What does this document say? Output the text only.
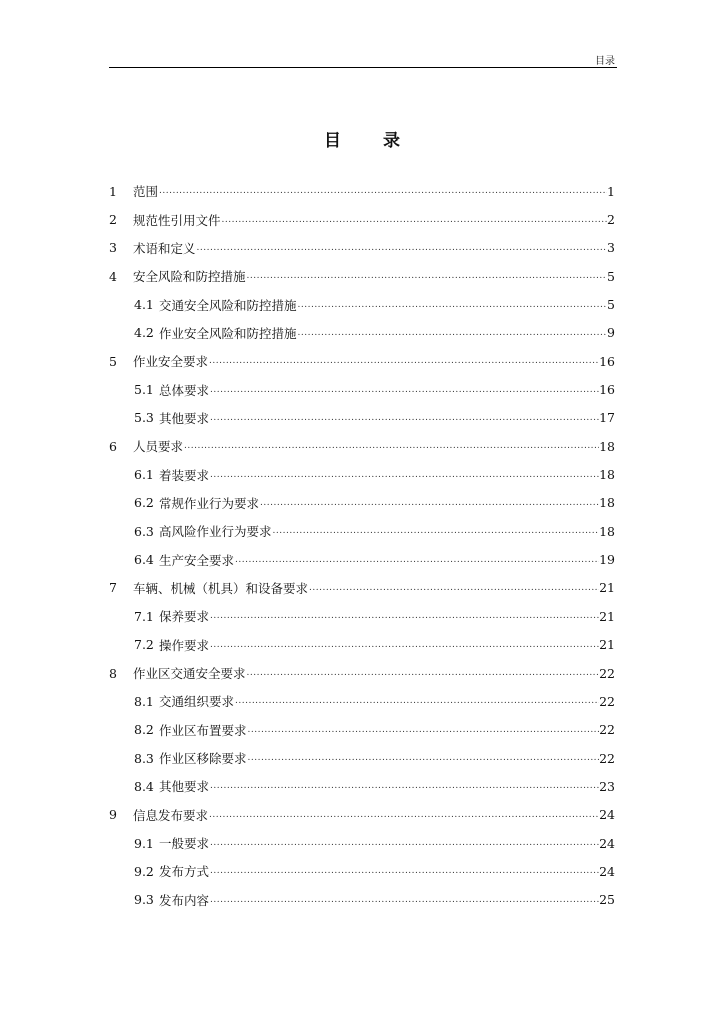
目录
目 录
1	范围 .....	1
2	规范性引用文件 .....	2
3	术语和定义 .....	3
4	安全风险和防控措施 .....	5
4.1 交通安全风险和防控措施 .....	5
4.2 作业安全风险和防控措施 .....	9
5	作业安全要求 .....	16
5.1 总体要求 .....	16
5.3 其他要求 .....	17
6	人员要求 .....	18
6.1 着装要求 .....	18
6.2 常规作业行为要求 .....	18
6.3 高风险作业行为要求 .....	18
6.4 生产安全要求 .....	19
7	车辆、机械（机具）和设备要求 .....	21
7.1 保养要求 .....	21
7.2 操作要求 .....	21
8	作业区交通安全要求 .....	22
8.1 交通组织要求 .....	22
8.2 作业区布置要求 .....	22
8.3 作业区移除要求 .....	22
8.4 其他要求 .....	23
9	信息发布要求 .....	24
9.1 一般要求 .....	24
9.2 发布方式 .....	24
9.3 发布内容 .....	25
